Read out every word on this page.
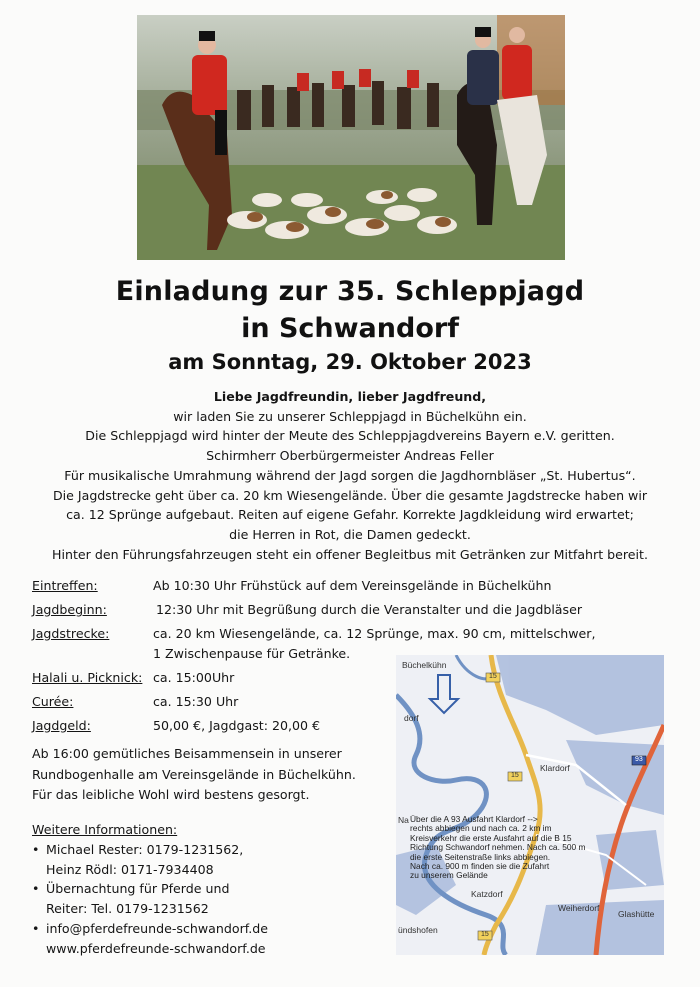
Einladung zur 35. Schleppjagd
in Schwandorf
am Sonntag, 29. Oktober 2023
Liebe Jagdfreundin, lieber Jagdfreund,
wir laden Sie zu unserer Schleppjagd in Büchelkühn ein.
Die Schleppjagd wird hinter der Meute des Schleppjagdvereins Bayern e.V. geritten.
Schirmherr Oberbürgermeister Andreas Feller
Für musikalische Umrahmung während der Jagd sorgen die Jagdhornbläser „St. Hubertus“.
Die Jagdstrecke geht über ca. 20 km Wiesengelände. Über die gesamte Jagdstrecke haben wir
ca. 12 Sprünge aufgebaut. Reiten auf eigene Gefahr. Korrekte Jagdkleidung wird erwartet;
die Herren in Rot, die Damen gedeckt.
Hinter den Führungsfahrzeugen steht ein offener Begleitbus mit Getränken zur Mitfahrt bereit.
Eintreffen:	Ab 10:30 Uhr Frühstück auf dem Vereinsgelände in Büchelkühn
Jagdbeginn:	12:30 Uhr mit Begrüßung durch die Veranstalter und die Jagdbläser
Jagdstrecke:	ca. 20 km Wiesengelände, ca. 12 Sprünge, max. 90 cm, mittelschwer,
1 Zwischenpause für Getränke.
Halali u. Picknick: ca. 15:00Uhr
Curée:	ca. 15:30 Uhr
Jagdgeld:	50,00 €, Jagdgast: 20,00 €
Ab 16:00 gemütliches Beisammensein in unserer
Rundbogenhalle am Vereinsgelände in Büchelkühn.
Für das leibliche Wohl wird bestens gesorgt.
Weitere Informationen:
• Michael Rester: 0179-1231562,
Heinz Rödl: 0171-7934408
• Übernachtung für Pferde und
Reiter: Tel. 0179-1231562
• info@pferdefreunde-schwandorf.de
www.pferdefreunde-schwandorf.de
Büchelkühn
dorf
Klardorf
Na
Katzdorf
Weiherdorf
Glashütte
ündshofen
15
15
15
93
Über die A 93 Ausfahrt Klardorf -->
rechts abbiegen und nach ca. 2 km im
Kreisverkehr die erste Ausfahrt auf die B 15
Richtung Schwandorf nehmen. Nach ca. 500 m
die erste Seitenstraße links abbiegen.
Nach ca. 900 m finden sie die Zufahrt
zu unserem Gelände
